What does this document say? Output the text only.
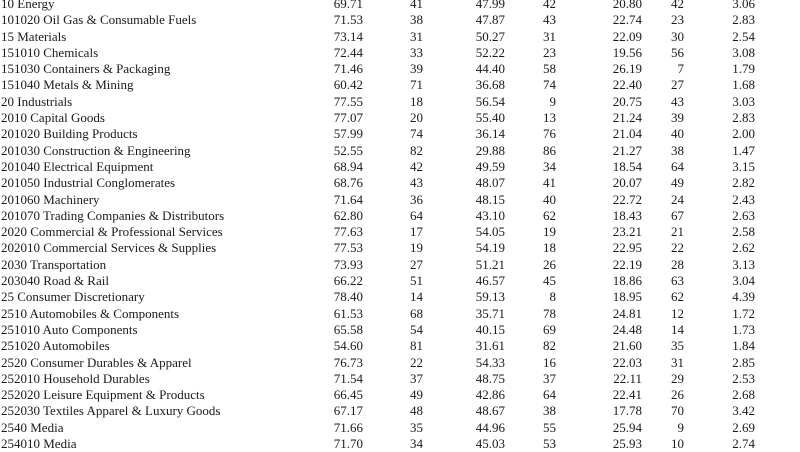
10 Energy	69.71	41	47.99	42	20.80	42	3.06	
101020 Oil Gas & Consumable Fuels	71.53	38	47.87	43	22.74	23	2.83	
15 Materials	73.14	31	50.27	31	22.09	30	2.54	
151010 Chemicals	72.44	33	52.22	23	19.56	56	3.08	
151030 Containers & Packaging	71.46	39	44.40	58	26.19	7	1.79	
151040 Metals & Mining	60.42	71	36.68	74	22.40	27	1.68	
20 Industrials	77.55	18	56.54	9	20.75	43	3.03	
2010 Capital Goods	77.07	20	55.40	13	21.24	39	2.83	
201020 Building Products	57.99	74	36.14	76	21.04	40	2.00	
201030 Construction & Engineering	52.55	82	29.88	86	21.27	38	1.47	
201040 Electrical Equipment	68.94	42	49.59	34	18.54	64	3.15	
201050 Industrial Conglomerates	68.76	43	48.07	41	20.07	49	2.82	
201060 Machinery	71.64	36	48.15	40	22.72	24	2.43	
201070 Trading Companies & Distributors	62.80	64	43.10	62	18.43	67	2.63	
2020 Commercial & Professional Services	77.63	17	54.05	19	23.21	21	2.58	
202010 Commercial Services & Supplies	77.53	19	54.19	18	22.95	22	2.62	
2030 Transportation	73.93	27	51.21	26	22.19	28	3.13	
203040 Road & Rail	66.22	51	46.57	45	18.86	63	3.04	
25 Consumer Discretionary	78.40	14	59.13	8	18.95	62	4.39	
2510 Automobiles & Components	61.53	68	35.71	78	24.81	12	1.72	
251010 Auto Components	65.58	54	40.15	69	24.48	14	1.73	
251020 Automobiles	54.60	81	31.61	82	21.60	35	1.84	
2520 Consumer Durables & Apparel	76.73	22	54.33	16	22.03	31	2.85	
252010 Household Durables	71.54	37	48.75	37	22.11	29	2.53	
252020 Leisure Equipment & Products	66.45	49	42.86	64	22.41	26	2.68	
252030 Textiles Apparel & Luxury Goods	67.17	48	48.67	38	17.78	70	3.42	
2540 Media	71.66	35	44.96	55	25.94	9	2.69	
254010 Media	71.70	34	45.03	53	25.93	10	2.74	
